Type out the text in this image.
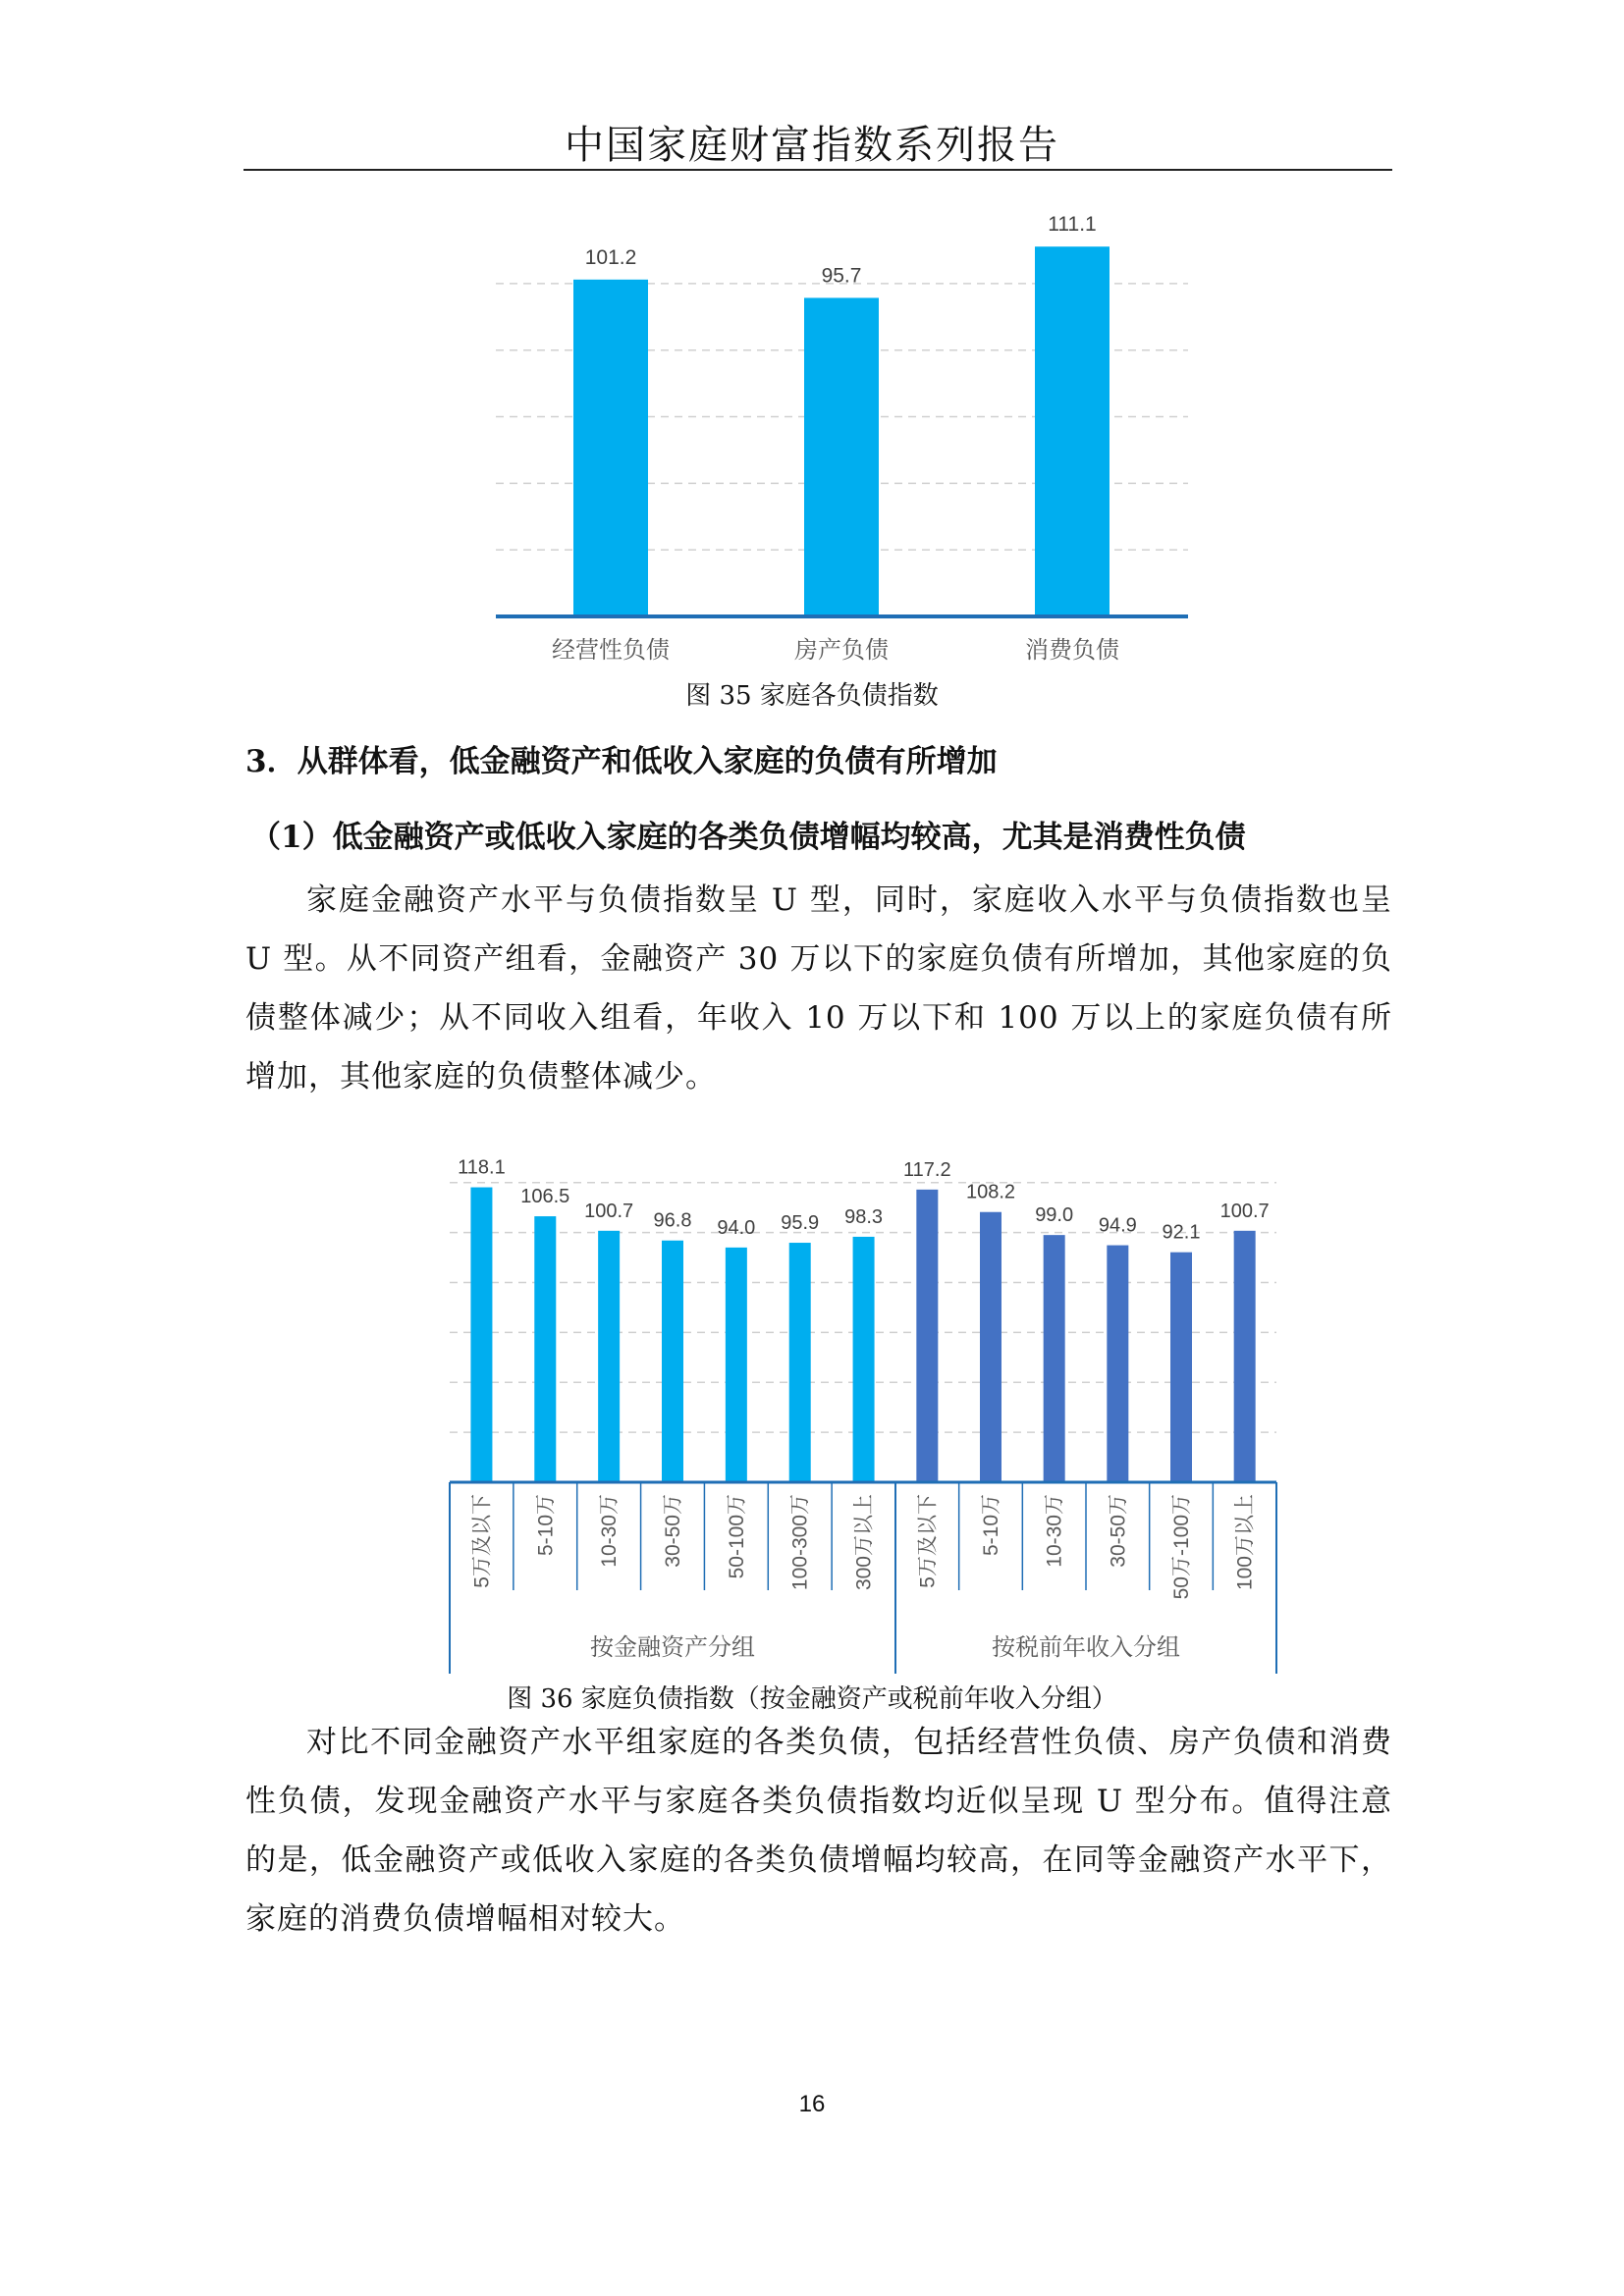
中国家庭财富指数系列报告
101.2
95.7
111.1
经营性负债	房产负债	消费负债
图 35 家庭各负债指数
3．从群体看，低金融资产和低收入家庭的负债有所增加
（1）低金融资产或低收入家庭的各类负债增幅均较高，尤其是消费性负债
家庭金融资产水平与负债指数呈 U 型，同时，家庭收入水平与负债指数也呈 U 型。从不同资产组看，金融资产 30 万以下的家庭负债有所增加，其他家庭的负债整体减少；从不同收入组看，年收入 10 万以下和 100 万以上的家庭负债有所增加，其他家庭的负债整体减少。
118.1
106.5
100.7 96.8 94.0 95.9 98.3
117.2
108.2
99.0 94.9 92.1
100.7
5万及以下 5-10万 10-30万 30-50万 50-100万 100-300万 300万以上 5万及以下 5-10万 10-30万 30-50万 50万-100万 100万以上
按金融资产分组	按税前年收入分组
图 36 家庭负债指数（按金融资产或税前年收入分组）
对比不同金融资产水平组家庭的各类负债，包括经营性负债、房产负债和消费性负债，发现金融资产水平与家庭各类负债指数均近似呈现 U 型分布。值得注意的是，低金融资产或低收入家庭的各类负债增幅均较高，在同等金融资产水平下，家庭的消费负债增幅相对较大。
16
